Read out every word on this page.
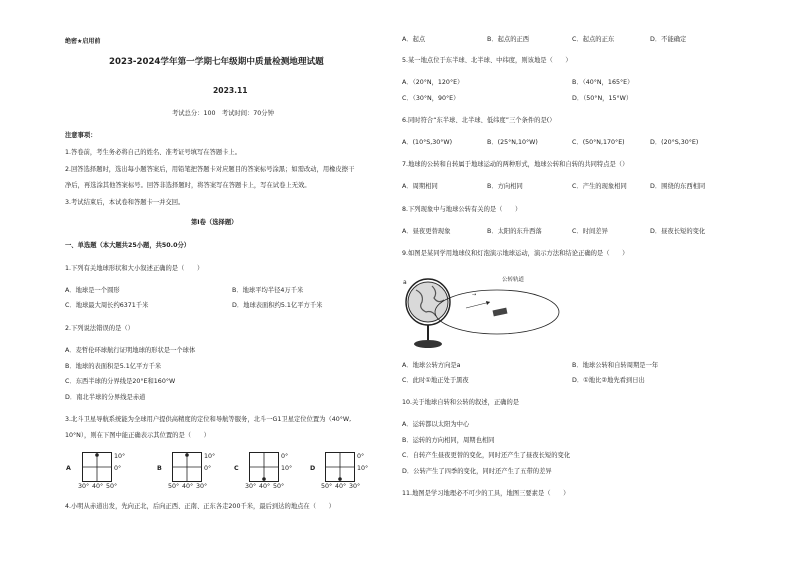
绝密★启用前
2023-2024学年第一学期七年级期中质量检测地理试题
2023.11
考试总分：100　考试时间：70分钟
注意事项：
1.答卷前，考生务必将自己的姓名、准考证号填写在答题卡上。
2.回答选择题时，选出每小题答案后，用铅笔把答题卡对应题目的答案标号涂黑；如需改动，用橡皮擦干
净后，再选涂其他答案标号。回答非选择题时，将答案写在答题卡上，写在试卷上无效。
3.考试结束后，本试卷和答题卡一并交回。
第Ⅰ卷（选择题）
一、单选题（本大题共25小题，共50.0分）
1.下列有关地球形状和大小叙述正确的是（　　）
A．地球是一个圆形	B．地球平均半径4万千米
C．地球最大周长约6371千米	D．地球表面积约5.1亿平方千米
2.下列说法错误的是（）
A．麦哲伦环球航行证明地球的形状是一个球体
B．地球的表面积是5.1亿平方千米
C．东西半球的分界线是20°E和160°W
D．南北半球的分界线是赤道
3.北斗卫星导航系统能为全球用户提供高精度的定位和导航等服务，北斗一G1卫星定位位置为（40°W,
10°N），则在下图中能正确表示其位置的是（　　）
A
10°
0°
30° 40° 50°
B
10°
0°
50° 40° 30°
C
0°
10°
30° 40° 50°
D
0°
10°
50° 40° 30°
4.小明从赤道出发，先向正北，后向正西、正南、正东各走200千米，最后到达的地点在（　　）
A．起点	B．起点的正西	C．起点的正东	D．不能确定
5.某一地点位于东半球、北半球、中纬度，则该地是（　　）
A．（20°N，120°E）	B．（40°N，165°E）
C．（30°N，90°E）	D．（50°N，15°W）
6.同时符合“东半球、北半球、低纬度”三个条件的是(）
A．(10°S,30°W)	B．(25°N,10°W)	C．(50°N,170°E)	D．(20°S,30°E)
7.地球的公转和自转属于地球运动的两种形式，地球公转和自转的共同特点是（）
A．周期相同	B．方向相同	C．产生的现象相同	D．围绕的东西相同
8.下列现象中与地球公转有关的是（　　）
A．昼夜更替现象	B．太阳的东升西落	C．时间差异	D．昼夜长短的变化
9.如图是某同学用地球仪和灯泡演示地球运动，演示方法和结论正确的是（　　）
a
→
公转轨道
A．地球公转方向是a	B．地球公转和自转周期是一年
C．此时①地正处于黑夜	D．①地比②地先看到日出
10.关于地球自转和公转的叙述，正确的是
A．运转都以太阳为中心
B．运转的方向相同，周期也相同
C．自转产生昼夜更替的变化，同时还产生了昼夜长短的变化
D．公转产生了四季的变化，同时还产生了五带的差异
11.地图是学习地理必不可少的工具，地图三要素是（　　）
